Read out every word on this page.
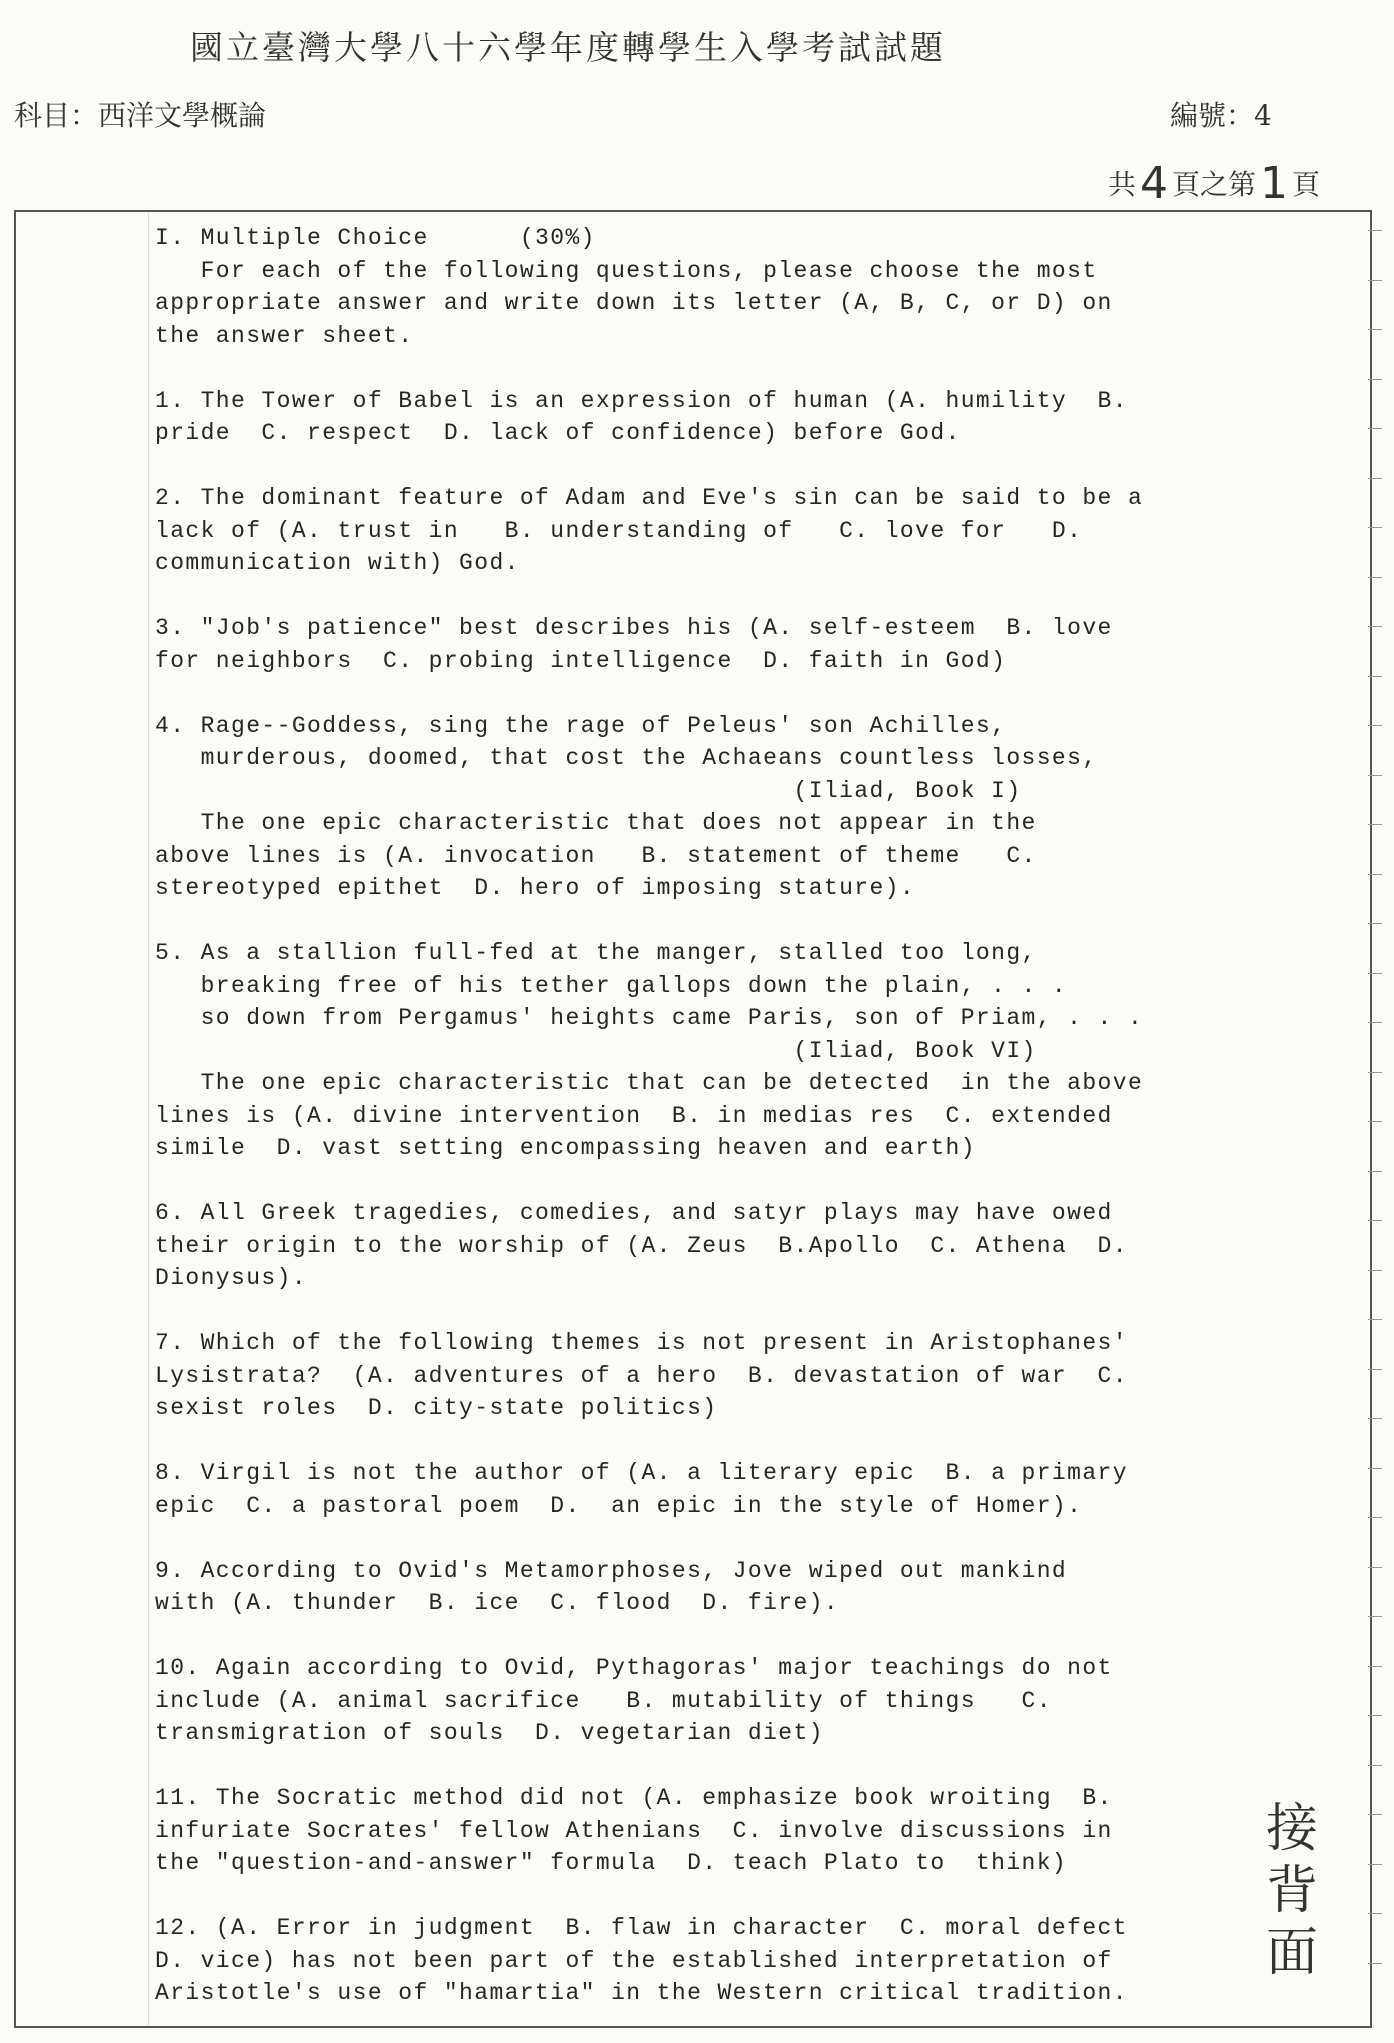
國立臺灣大學八十六學年度轉學生入學考試試題
科目：西洋文學概論	編號：4
共4 頁之第1 頁
I. Multiple Choice      (30%)
For each of the following questions, please choose the most
appropriate answer and write down its letter (A, B, C, or D) on
the answer sheet.
1. The Tower of Babel is an expression of human (A. humility  B.
pride  C. respect  D. lack of confidence) before God.
2. The dominant feature of Adam and Eve's sin can be said to be a
lack of (A. trust in   B. understanding of   C. love for   D.
communication with) God.
3. "Job's patience" best describes his (A. self-esteem  B. love
for neighbors  C. probing intelligence  D. faith in God)
4. Rage--Goddess, sing the rage of Peleus' son Achilles,
murderous, doomed, that cost the Achaeans countless losses,
(Iliad, Book I)
The one epic characteristic that does not appear in the
above lines is (A. invocation   B. statement of theme   C.
stereotyped epithet  D. hero of imposing stature).
5. As a stallion full-fed at the manger, stalled too long,
breaking free of his tether gallops down the plain, . . .
so down from Pergamus' heights came Paris, son of Priam, . . .
(Iliad, Book VI)
The one epic characteristic that can be detected  in the above
lines is (A. divine intervention  B. in medias res  C. extended
simile  D. vast setting encompassing heaven and earth)
6. All Greek tragedies, comedies, and satyr plays may have owed
their origin to the worship of (A. Zeus  B.Apollo  C. Athena  D.
Dionysus).
7. Which of the following themes is not present in Aristophanes'
Lysistrata?  (A. adventures of a hero  B. devastation of war  C.
sexist roles  D. city-state politics)
8. Virgil is not the author of (A. a literary epic  B. a primary
epic  C. a pastoral poem  D.  an epic in the style of Homer).
9. According to Ovid's Metamorphoses, Jove wiped out mankind
with (A. thunder  B. ice  C. flood  D. fire).
10. Again according to Ovid, Pythagoras' major teachings do not
include (A. animal sacrifice   B. mutability of things   C.
transmigration of souls  D. vegetarian diet)
11. The Socratic method did not (A. emphasize book wroiting  B.
infuriate Socrates' fellow Athenians  C. involve discussions in
the "question-and-answer" formula  D. teach Plato to  think)
12. (A. Error in judgment  B. flaw in character  C. moral defect
D. vice) has not been part of the established interpretation of
Aristotle's use of "hamartia" in the Western critical tradition.
接
背
面
